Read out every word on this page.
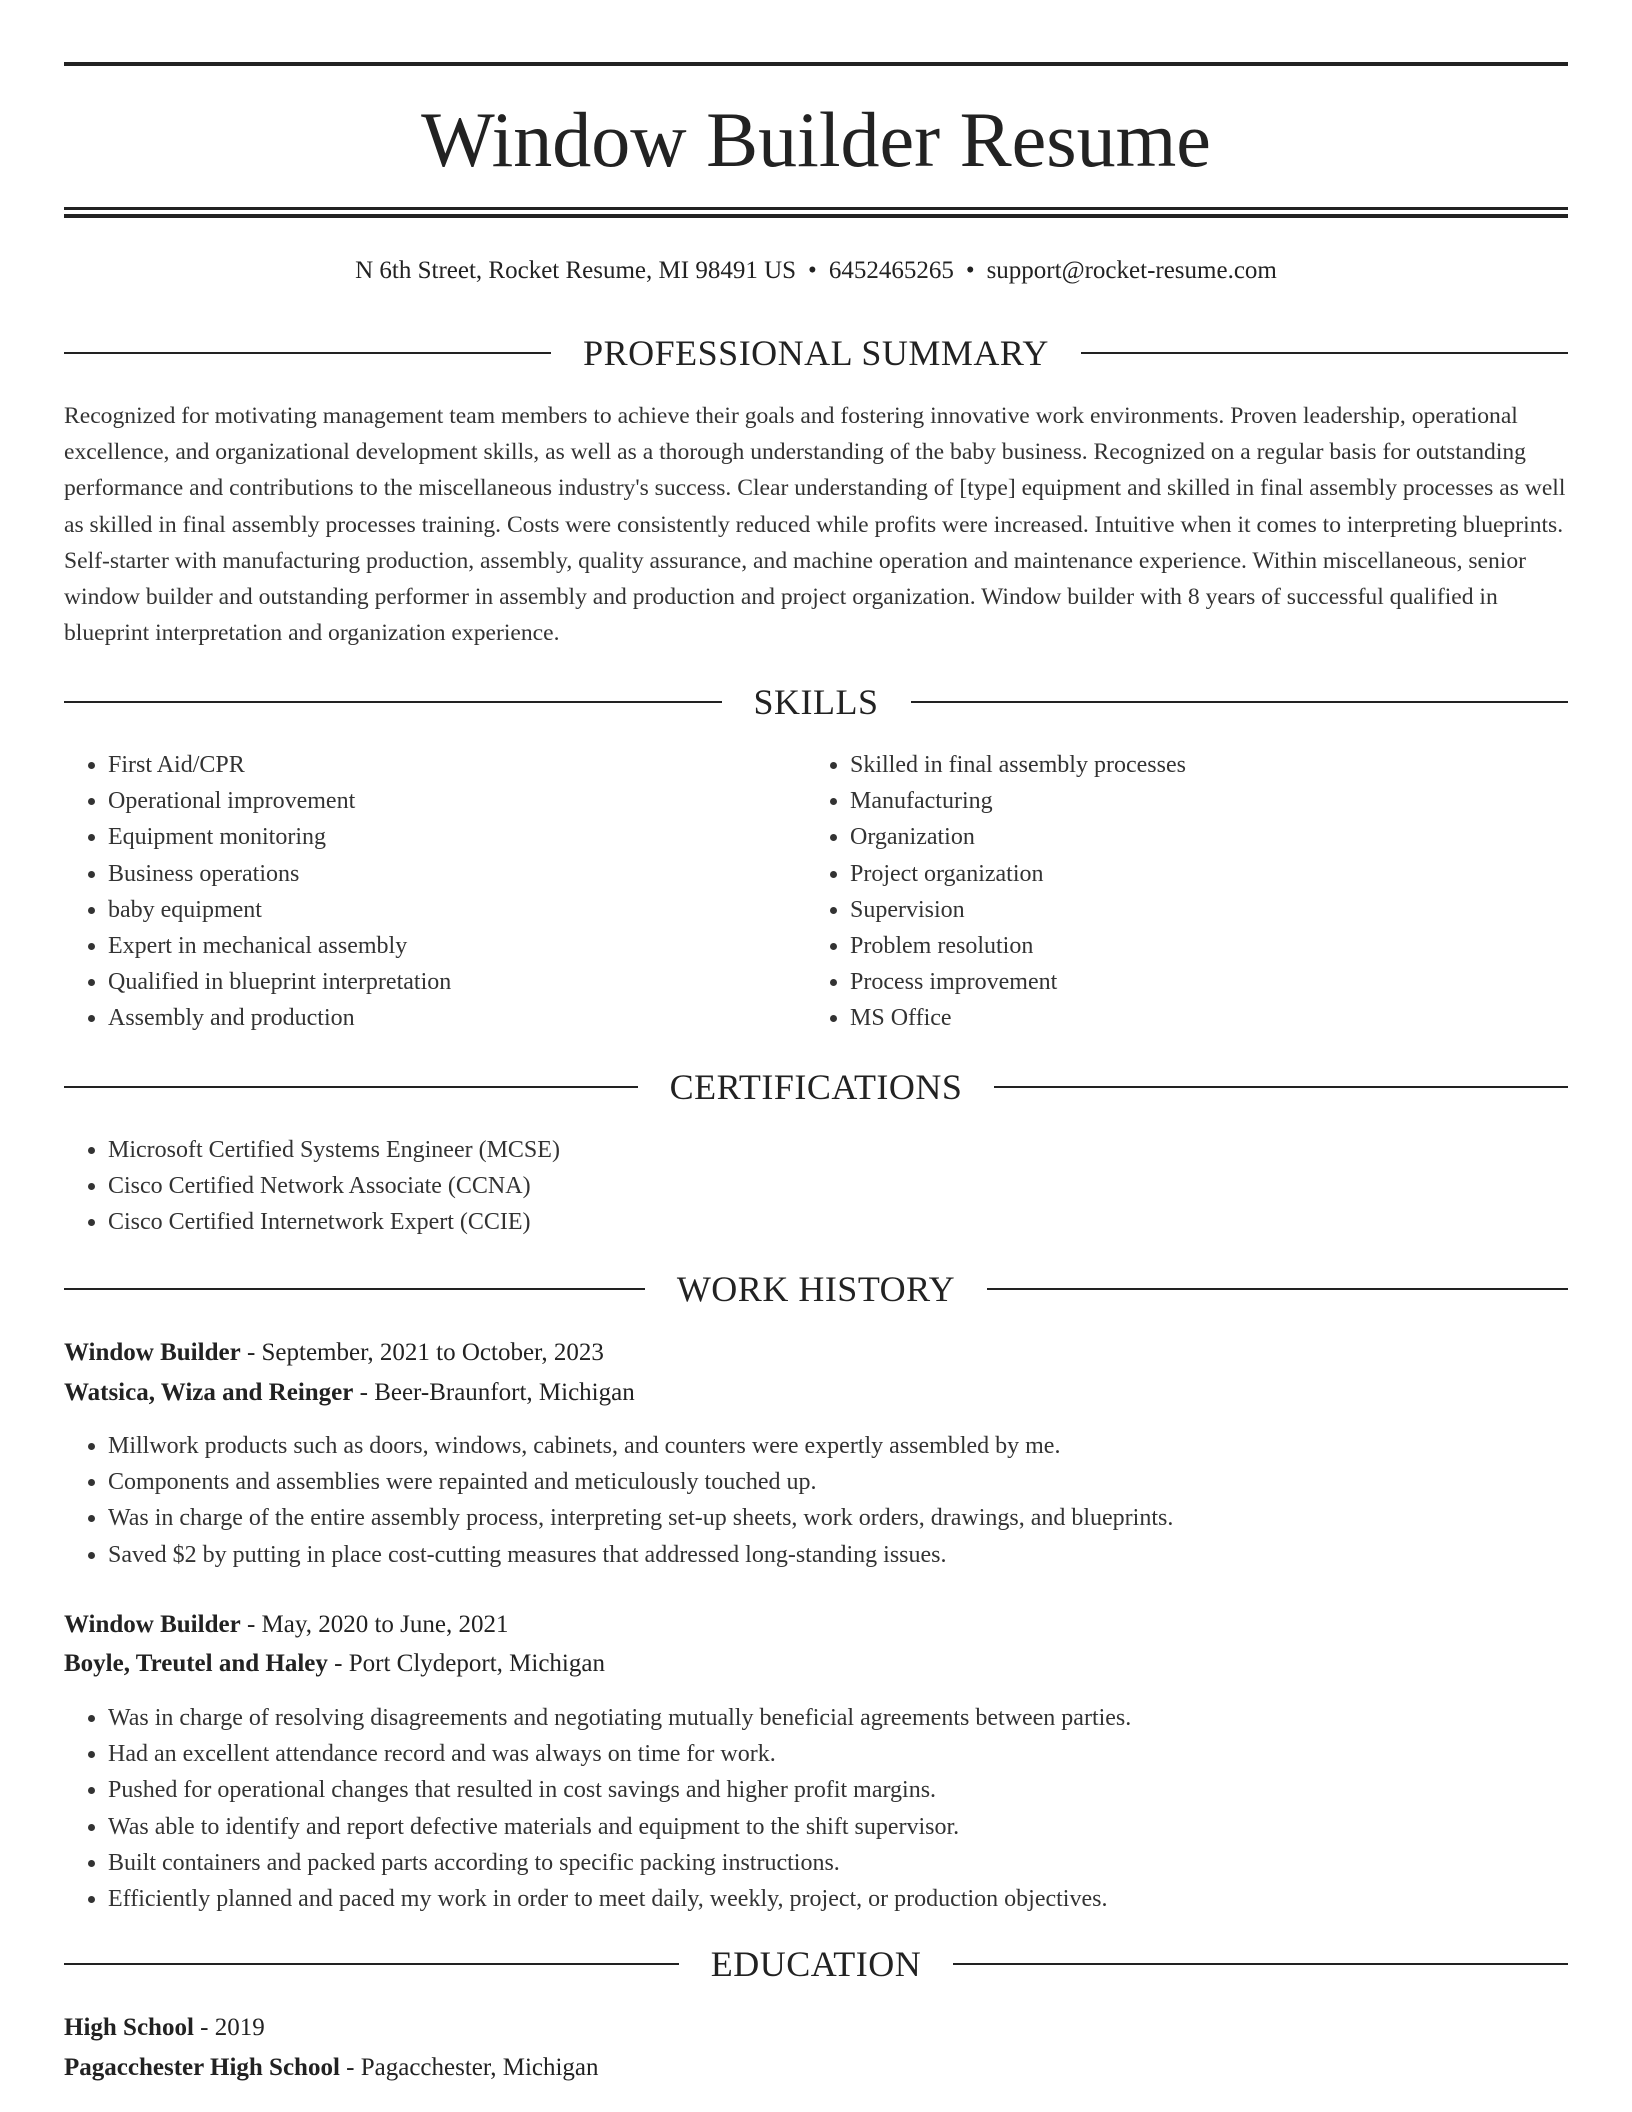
Window Builder Resume
N 6th Street, Rocket Resume, MI 98491 US • 6452465265 • support@rocket-resume.com
PROFESSIONAL SUMMARY

Recognized for motivating management team members to achieve their goals and fostering innovative work environments. Proven leadership, operational excellence, and organizational development skills, as well as a thorough understanding of the baby business. Recognized on a regular basis for outstanding performance and contributions to the miscellaneous industry's success. Clear understanding of [type] equipment and skilled in final assembly processes as well as skilled in final assembly processes training. Costs were consistently reduced while profits were increased. Intuitive when it comes to interpreting blueprints. Self-starter with manufacturing production, assembly, quality assurance, and machine operation and maintenance experience. Within miscellaneous, senior window builder and outstanding performer in assembly and production and project organization. Window builder with 8 years of successful qualified in blueprint interpretation and organization experience.

SKILLS
• First Aid/CPR
• Operational improvement
• Equipment monitoring
• Business operations
• baby equipment
• Expert in mechanical assembly
• Qualified in blueprint interpretation
• Assembly and production
• Skilled in final assembly processes
• Manufacturing
• Organization
• Project organization
• Supervision
• Problem resolution
• Process improvement
• MS Office
CERTIFICATIONS
• Microsoft Certified Systems Engineer (MCSE)
• Cisco Certified Network Associate (CCNA)
• Cisco Certified Internetwork Expert (CCIE)
WORK HISTORY
Window Builder - September, 2021 to October, 2023
Watsica, Wiza and Reinger - Beer-Braunfort, Michigan
• Millwork products such as doors, windows, cabinets, and counters were expertly assembled by me.
• Components and assemblies were repainted and meticulously touched up.
• Was in charge of the entire assembly process, interpreting set-up sheets, work orders, drawings, and blueprints.
• Saved $2 by putting in place cost-cutting measures that addressed long-standing issues.
Window Builder - May, 2020 to June, 2021
Boyle, Treutel and Haley - Port Clydeport, Michigan
• Was in charge of resolving disagreements and negotiating mutually beneficial agreements between parties.
• Had an excellent attendance record and was always on time for work.
• Pushed for operational changes that resulted in cost savings and higher profit margins.
• Was able to identify and report defective materials and equipment to the shift supervisor.
• Built containers and packed parts according to specific packing instructions.
• Efficiently planned and paced my work in order to meet daily, weekly, project, or production objectives.
EDUCATION
High School - 2019
Pagacchester High School - Pagacchester, Michigan
